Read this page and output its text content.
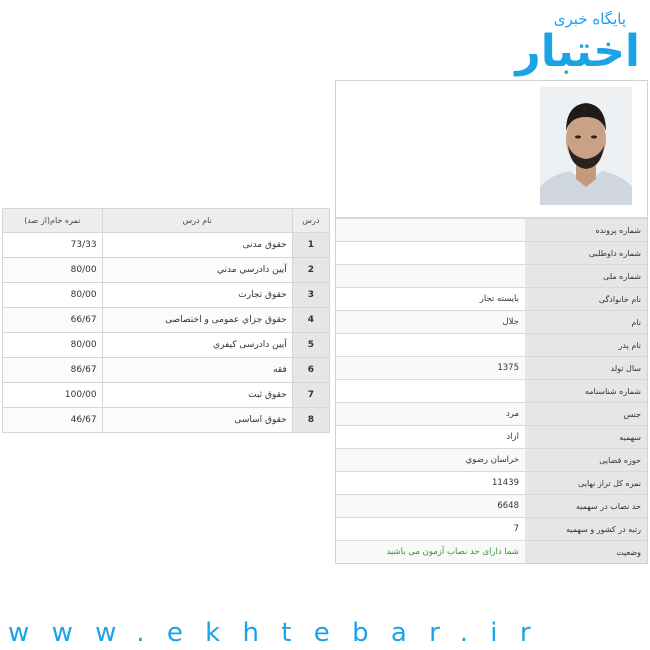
پایگاه خبری
اختبار
نمره خام(از صد)	نام درس	درس
73/33	حقوق مدنی	1
80/00	آيين دادرسي مدني	2
80/00	حقوق تجارت	3
66/67	حقوق جزاي عمومی و اختصاصی	4
80/00	آيين دادرسی کيفري	5
86/67	فقه	6
100/00	حقوق ثبت	7
46/67	حقوق اساسی	8
	شماره پرونده
	شماره داوطلبی
	شماره ملی
بايسته تجار	نام خانوادگی
جلال	نام
	نام پدر
1375	سال تولد
	شماره شناسنامه
مرد	جنس
ازاد	سهمیه
خراسان رضوي	حوزه قضایی
11439	نمره کل تراز نهایی
6648	حد نصاب در سهمیه
7	رتبه در کشور و سهمیه
شما دارای حد نصاب آزمون می باشید	وضعیت
www.ekhtebar.ir
